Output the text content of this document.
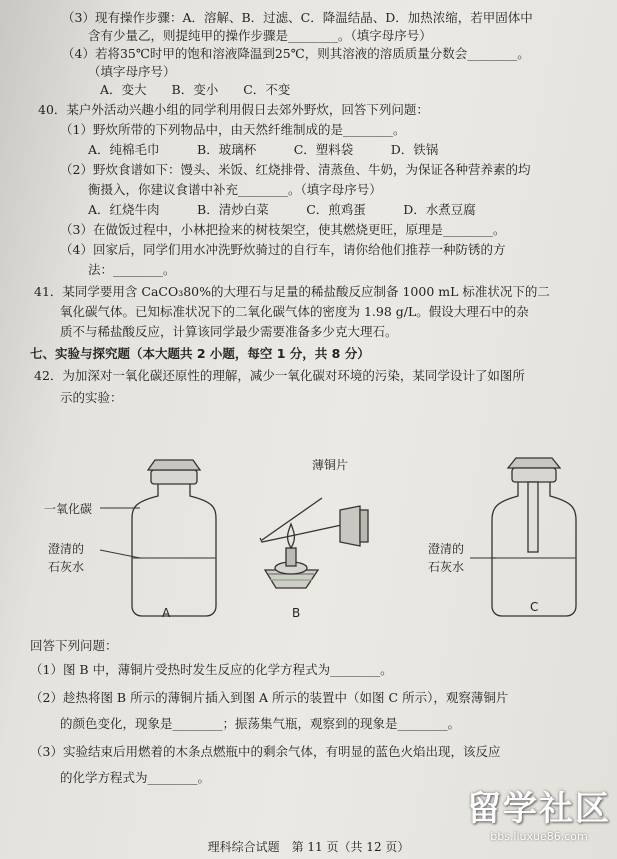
（3）现有操作步骤：A．溶解、B．过滤、C．降温结晶、D．加热浓缩，若甲固体中
含有少量乙，则提纯甲的操作步骤是________。（填字母序号）
（4）若将35℃时甲的饱和溶液降温到25℃，则其溶液的溶质质量分数会________。
（填字母序号）
A．变大　　B．变小　　C．不变
40．某户外活动兴趣小组的同学利用假日去郊外野炊，回答下列问题：
（1）野炊所带的下列物品中，由天然纤维制成的是________。
A．纯棉毛巾　　　B．玻璃杯　　　C．塑料袋　　　D．铁锅
（2）野炊食谱如下：馒头、米饭、红烧排骨、清蒸鱼、牛奶，为保证各种营养素的均
衡摄入，你建议食谱中补充________。（填字母序号）
A．红烧牛肉　　　B．清炒白菜　　　C．煎鸡蛋　　　D．水煮豆腐
（3）在做饭过程中，小林把捡来的树枝架空，使其燃烧更旺，原理是________。
（4）回家后，同学们用水冲洗野炊骑过的自行车，请你给他们推荐一种防锈的方
法：________。
41．某同学要用含 CaCO₃80%的大理石与足量的稀盐酸反应制备 1000 mL 标准状况下的二
氧化碳气体。已知标准状况下的二氧化碳气体的密度为 1.98 g/L。假设大理石中的杂
质不与稀盐酸反应，计算该同学最少需要准备多少克大理石。
42．为加深对一氧化碳还原性的理解，减少一氧化碳对环境的污染，某同学设计了如图所
示的实验：
回答下列问题：
（1）图 B 中，薄铜片受热时发生反应的化学方程式为________。
（2）趁热将图 B 所示的薄铜片插入到图 A 所示的装置中（如图 C 所示），观察薄铜片
的颜色变化，现象是________；振荡集气瓶，观察到的现象是________。
（3）实验结束后用燃着的木条点燃瓶中的剩余气体，有明显的蓝色火焰出现，该反应
的化学方程式为________。
七、实验与探究题（本大题共 2 小题，每空 1 分，共 8 分）
一氧化碳
澄清的
石灰水
薄铜片
澄清的
石灰水
A	B	C
理科综合试题　第 11 页（共 12 页）
留学社区
bbs.liuxue86.com
